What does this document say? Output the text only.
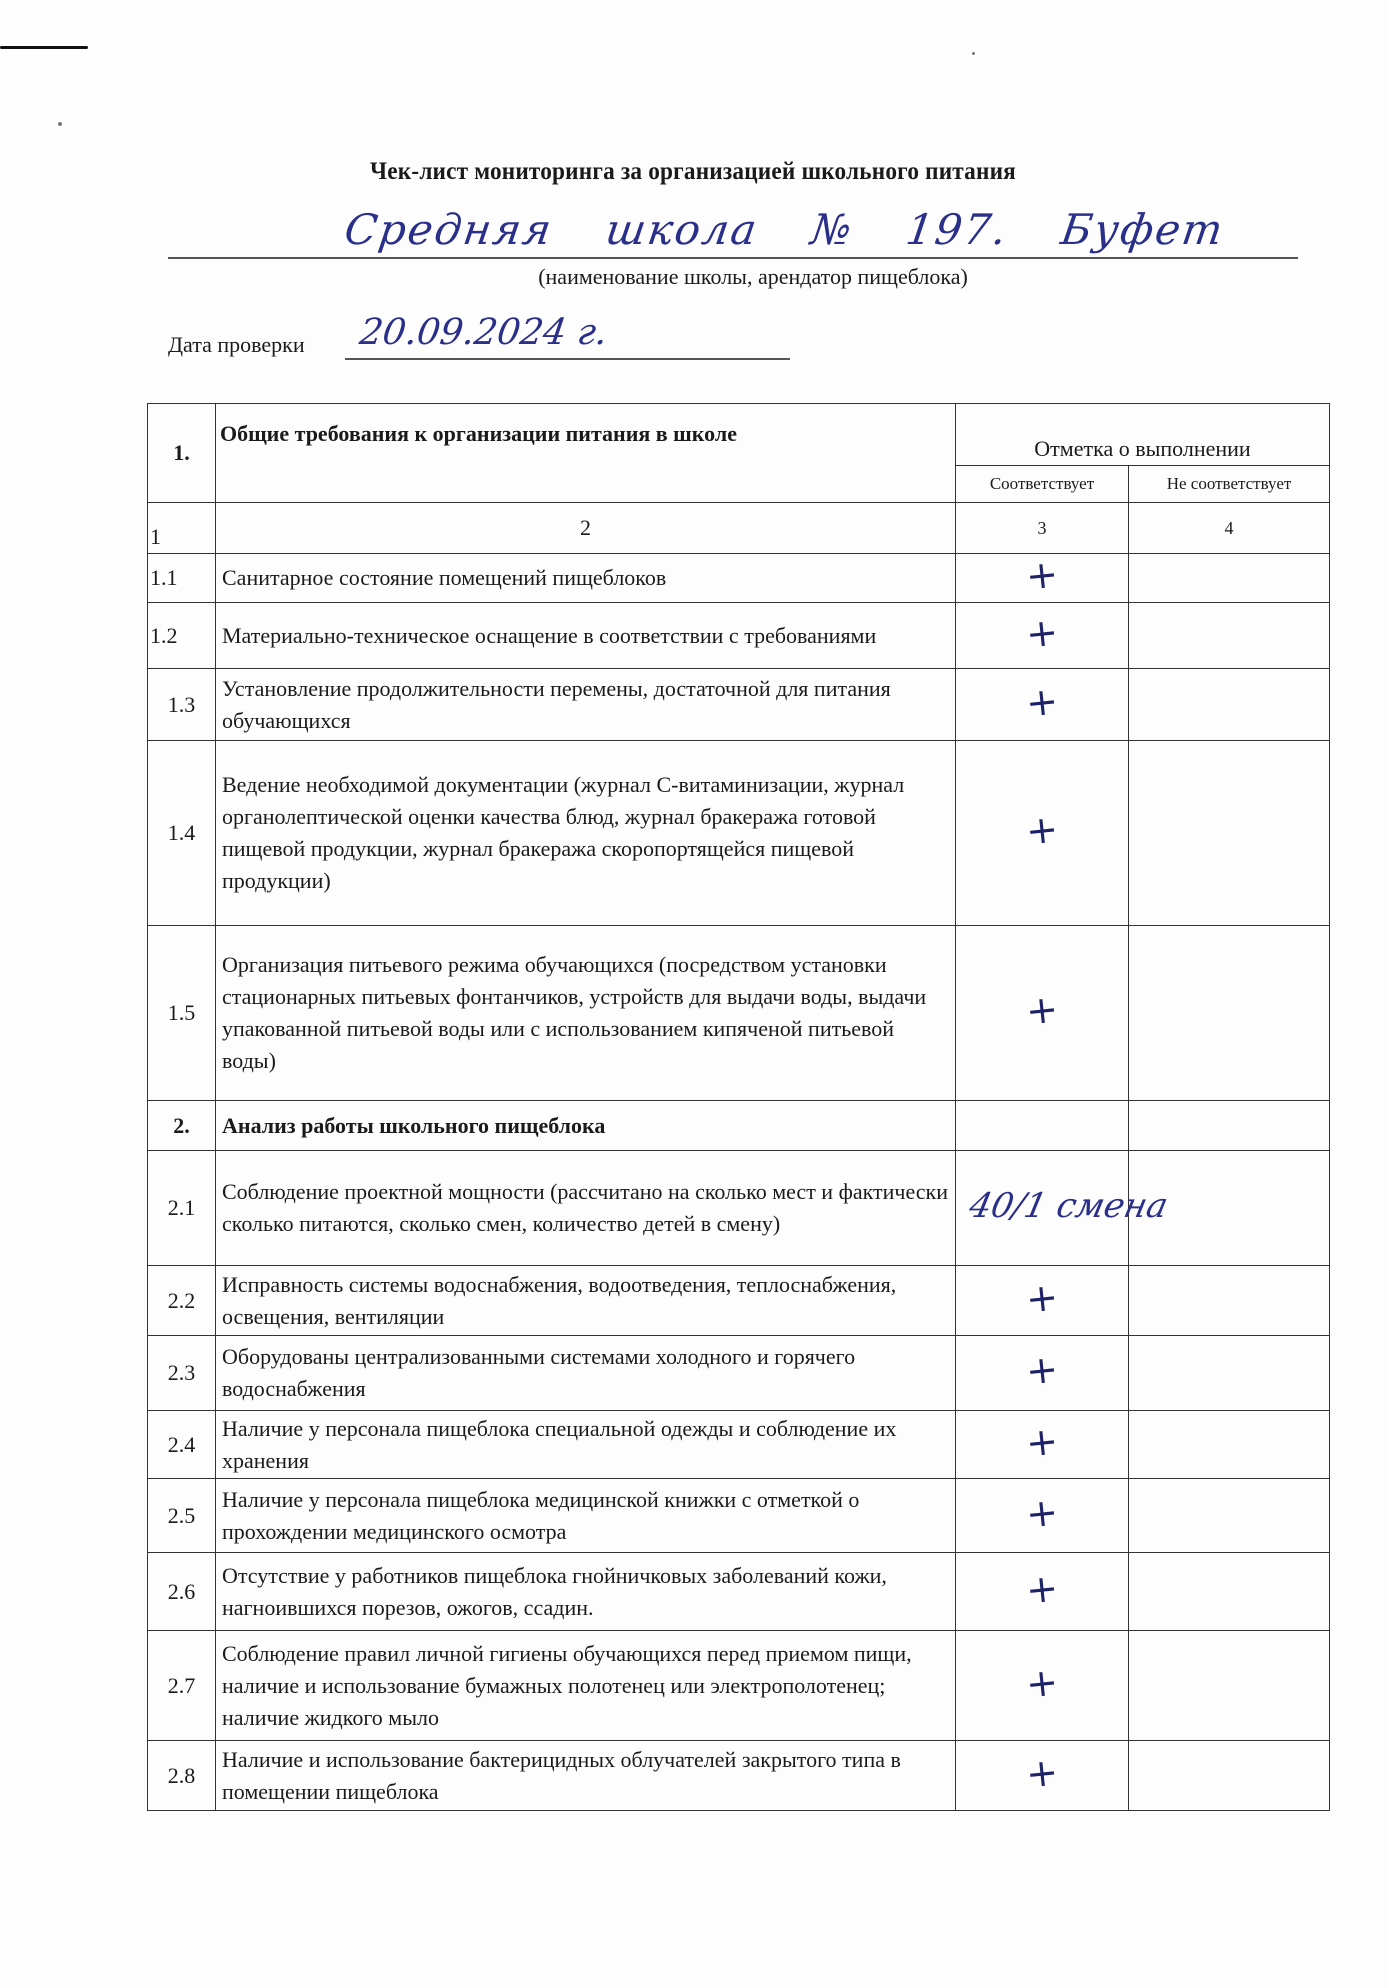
Чек-лист мониторинга за организацией школьного питания
Средняя школа № 197. Буфет
(наименование школы, арендатор пищеблока)
Дата проверки 20.09.2024 г.
1.	Общие требования к организации питания в школе	Отметка о выполнении	
		Соответствует	Не соответствует
1	2	3	4
1.1	Санитарное состояние помещений пищеблоков	+	
1.2	Материально-техническое оснащение в соответствии с требованиями	+	
1.3	Установление продолжительности перемены, достаточной для питания обучающихся	+	
1.4	Ведение необходимой документации (журнал С-витаминизации, журнал органолептической оценки качества блюд, журнал бракеража готовой пищевой продукции, журнал бракеража скоропортящейся пищевой продукции)	+	
1.5	Организация питьевого режима обучающихся (посредством установки стационарных питьевых фонтанчиков, устройств для выдачи воды, выдачи упакованной питьевой воды или с использованием кипяченой питьевой воды)	+	
2.	Анализ работы школьного пищеблока		
2.1	Соблюдение проектной мощности (рассчитано на сколько мест и фактически сколько питаются, сколько смен, количество детей в смену)	40/1 смена	
2.2	Исправность системы водоснабжения, водоотведения, теплоснабжения, освещения, вентиляции	+	
2.3	Оборудованы централизованными системами холодного и горячего водоснабжения	+	
2.4	Наличие у персонала пищеблока специальной одежды и соблюдение их хранения	+	
2.5	Наличие у персонала пищеблока медицинской книжки с отметкой о прохождении медицинского осмотра	+	
2.6	Отсутствие у работников пищеблока гнойничковых заболеваний кожи, нагноившихся порезов, ожогов, ссадин.	+	
2.7	Соблюдение правил личной гигиены обучающихся перед приемом пищи, наличие и использование бумажных полотенец или электрополотенец; наличие жидкого мыло	+	
2.8	Наличие и использование бактерицидных облучателей закрытого типа в помещении пищеблока	+	
